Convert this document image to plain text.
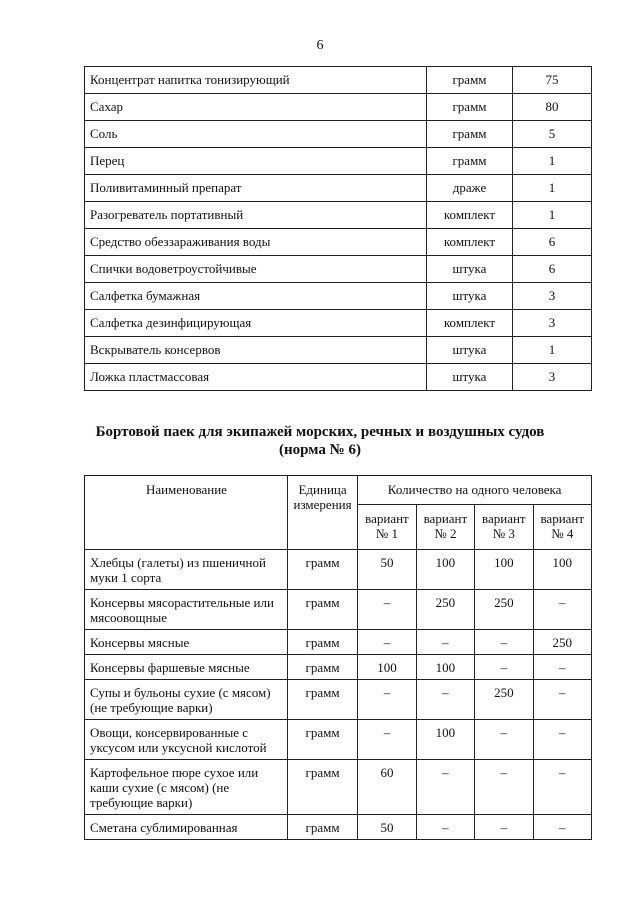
6
Концентрат напитка тонизирующий	грамм	75
Сахар	грамм	80
Соль	грамм	5
Перец	грамм	1
Поливитаминный препарат	драже	1
Разогреватель портативный	комплект	1
Средство обеззараживания воды	комплект	6
Спички водоветроустойчивые	штука	6
Салфетка бумажная	штука	3
Салфетка дезинфицирующая	комплект	3
Вскрыватель консервов	штука	1
Ложка пластмассовая	штука	3
Бортовой паек для экипажей морских, речных и воздушных судов
(норма № 6)
Наименование	Единица измерения	Количество на одного человека			
		вариант № 1	вариант № 2	вариант № 3	вариант № 4
Хлебцы (галеты) из пшеничной муки 1 сорта	грамм	50	100	100	100
Консервы мясорастительные или мясоовощные	грамм	–	250	250	–
Консервы мясные	грамм	–	–	–	250
Консервы фаршевые мясные	грамм	100	100	–	–
Супы и бульоны сухие (с мясом) (не требующие варки)	грамм	–	–	250	–
Овощи, консервированные с уксусом или уксусной кислотой	грамм	–	100	–	–
Картофельное пюре сухое или каши сухие (с мясом) (не требующие варки)	грамм	60	–	–	–
Сметана сублимированная	грамм	50	–	–	–
